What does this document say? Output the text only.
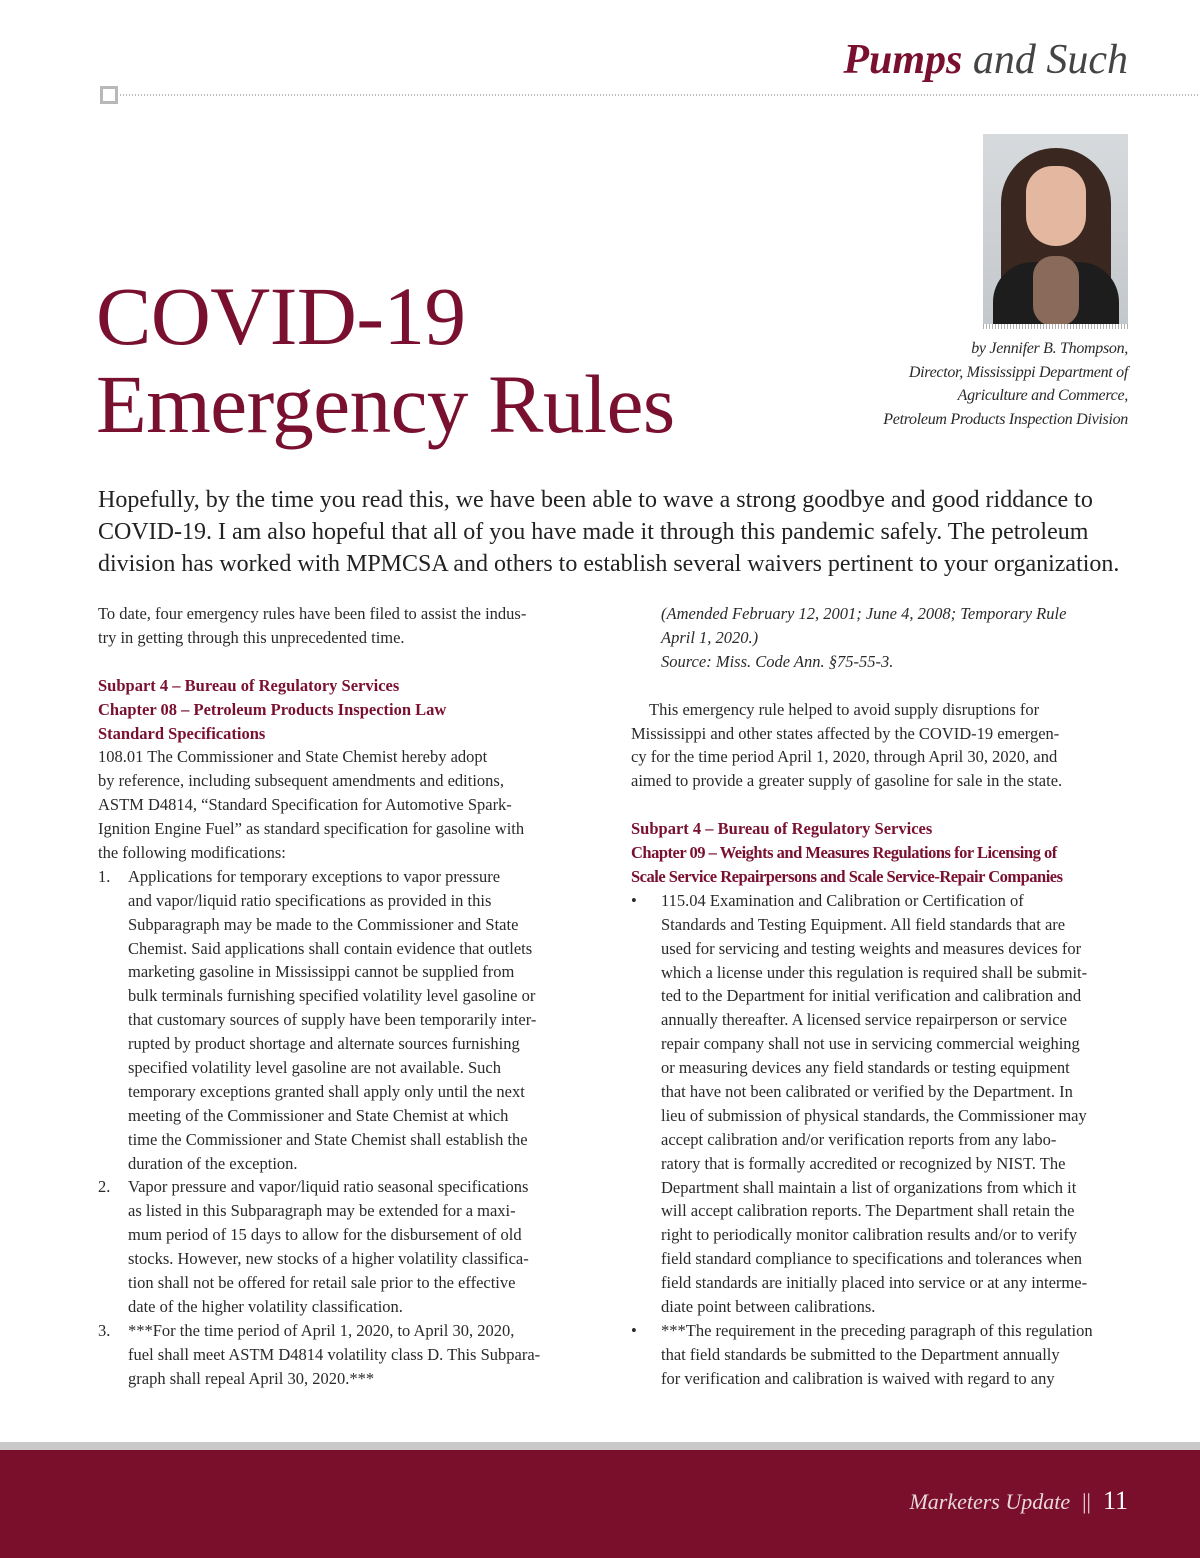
Pumps and Such
by Jennifer B. Thompson,
Director, Mississippi Department of
Agriculture and Commerce,
Petroleum Products Inspection Division
COVID-19
Emergency Rules
Hopefully, by the time you read this, we have been able to wave a strong goodbye and good riddance to
COVID-19. I am also hopeful that all of you have made it through this pandemic safely. The petroleum
division has worked with MPMCSA and others to establish several waivers pertinent to your organization.
To date, four emergency rules have been filed to assist the indus-
try in getting through this unprecedented time.
Subpart 4 – Bureau of Regulatory Services
Chapter 08 – Petroleum Products Inspection Law
Standard Specifications
108.01 The Commissioner and State Chemist hereby adopt
by reference, including subsequent amendments and editions,
ASTM D4814, “Standard Specification for Automotive Spark-
Ignition Engine Fuel” as standard specification for gasoline with
the following modifications:
1. Applications for temporary exceptions to vapor pressure
and vapor/liquid ratio specifications as provided in this
Subparagraph may be made to the Commissioner and State
Chemist. Said applications shall contain evidence that outlets
marketing gasoline in Mississippi cannot be supplied from
bulk terminals furnishing specified volatility level gasoline or
that customary sources of supply have been temporarily inter-
rupted by product shortage and alternate sources furnishing
specified volatility level gasoline are not available. Such
temporary exceptions granted shall apply only until the next
meeting of the Commissioner and State Chemist at which
time the Commissioner and State Chemist shall establish the
duration of the exception.
2. Vapor pressure and vapor/liquid ratio seasonal specifications
as listed in this Subparagraph may be extended for a maxi-
mum period of 15 days to allow for the disbursement of old
stocks. However, new stocks of a higher volatility classifica-
tion shall not be offered for retail sale prior to the effective
date of the higher volatility classification.
3. ***For the time period of April 1, 2020, to April 30, 2020,
fuel shall meet ASTM D4814 volatility class D. This Subpara-
graph shall repeal April 30, 2020.***
(Amended February 12, 2001; June 4, 2008; Temporary Rule
April 1, 2020.)
Source: Miss. Code Ann. §75-55-3.
This emergency rule helped to avoid supply disruptions for
Mississippi and other states affected by the COVID-19 emergen-
cy for the time period April 1, 2020, through April 30, 2020, and
aimed to provide a greater supply of gasoline for sale in the state.
Subpart 4 – Bureau of Regulatory Services
Chapter 09 – Weights and Measures Regulations for Licensing of
Scale Service Repairpersons and Scale Service-Repair Companies
• 115.04 Examination and Calibration or Certification of
Standards and Testing Equipment. All field standards that are
used for servicing and testing weights and measures devices for
which a license under this regulation is required shall be submit-
ted to the Department for initial verification and calibration and
annually thereafter. A licensed service repairperson or service
repair company shall not use in servicing commercial weighing
or measuring devices any field standards or testing equipment
that have not been calibrated or verified by the Department. In
lieu of submission of physical standards, the Commissioner may
accept calibration and/or verification reports from any labo-
ratory that is formally accredited or recognized by NIST. The
Department shall maintain a list of organizations from which it
will accept calibration reports. The Department shall retain the
right to periodically monitor calibration results and/or to verify
field standard compliance to specifications and tolerances when
field standards are initially placed into service or at any interme-
diate point between calibrations.
• ***The requirement in the preceding paragraph of this regulation
that field standards be submitted to the Department annually
for verification and calibration is waived with regard to any
Marketers Update || 11
